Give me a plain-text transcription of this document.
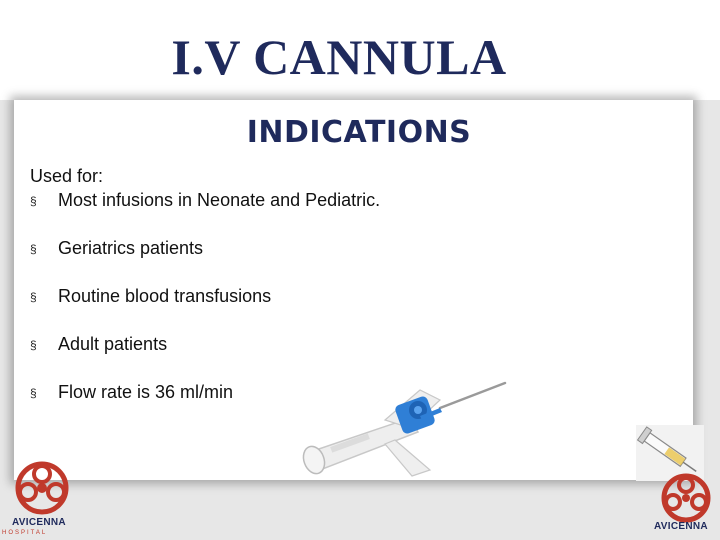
I.V CANNULA
INDICATIONS
Used for:
§	Most infusions in Neonate and Pediatric.
§	Geriatrics patients
§	Routine blood transfusions
§	Adult patients
§	Flow rate is 36 ml/min
AVICENNA
HOSPITAL
AVICENNA
